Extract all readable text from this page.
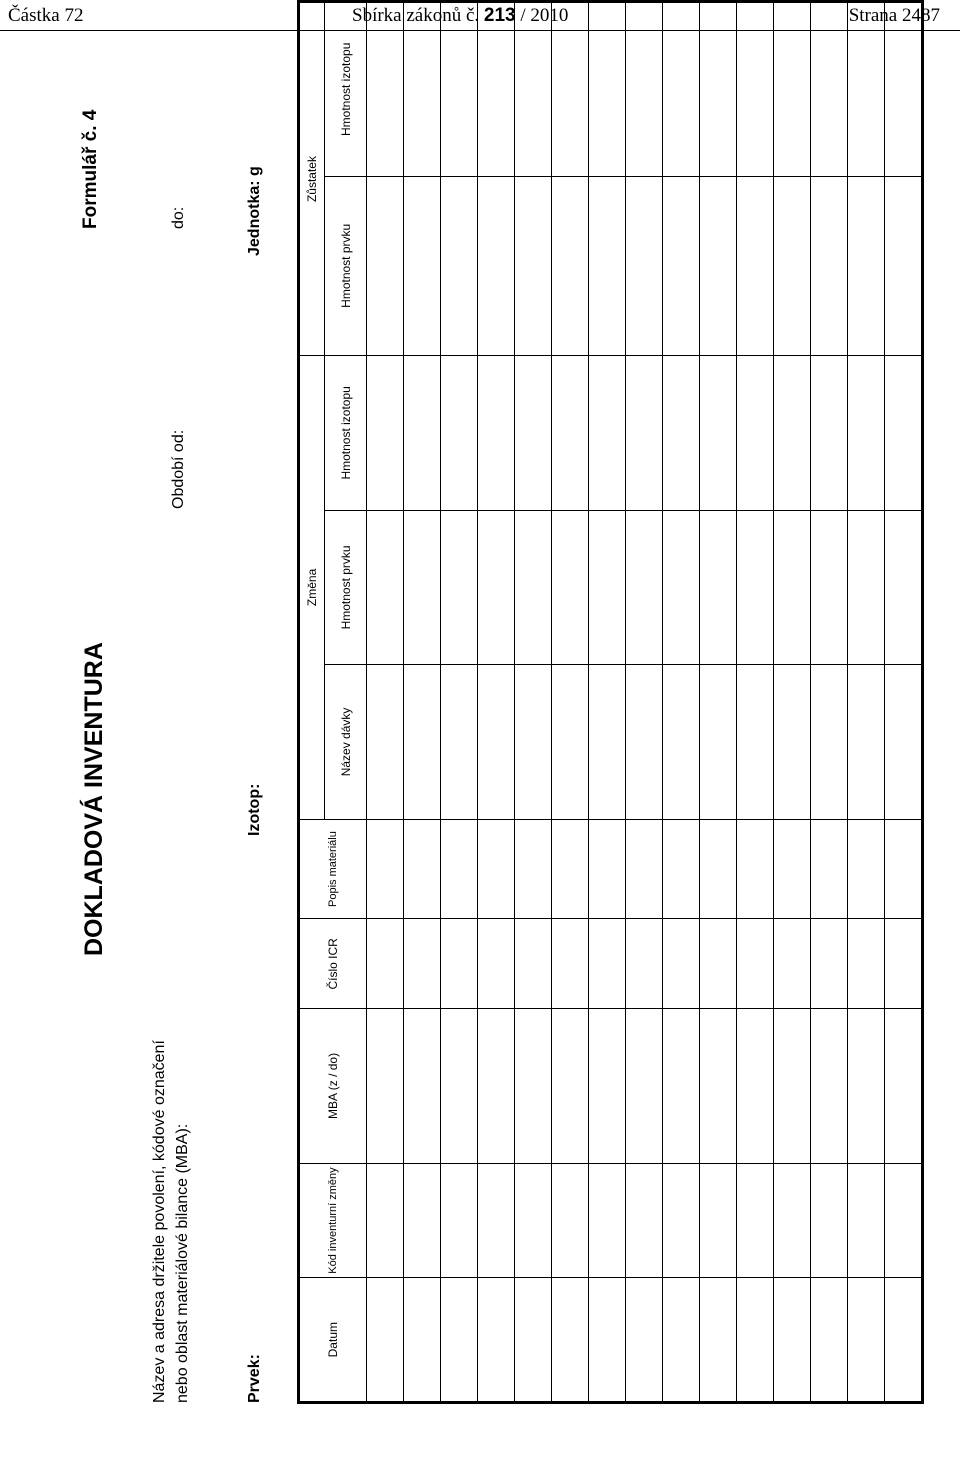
Částka 72	Sbírka zákonů č. 213 / 2010	Strana 2487
Název a adresa držitele povolení, kódové označení nebo oblast materiálové bilance (MBA):
DOKLADOVÁ INVENTURA
Formulář č. 4
Období od:
do:
Prvek:
Izotop:
Jednotka: g
Datum	Kód inventurní změny	MBA (z / do)	Číslo ICR	Popis materiálu	Změna			Zůstatek	
					Název dávky	Hmotnost prvku	Hmotnost izotopu	Hmotnost prvku	Hmotnost izotopu
